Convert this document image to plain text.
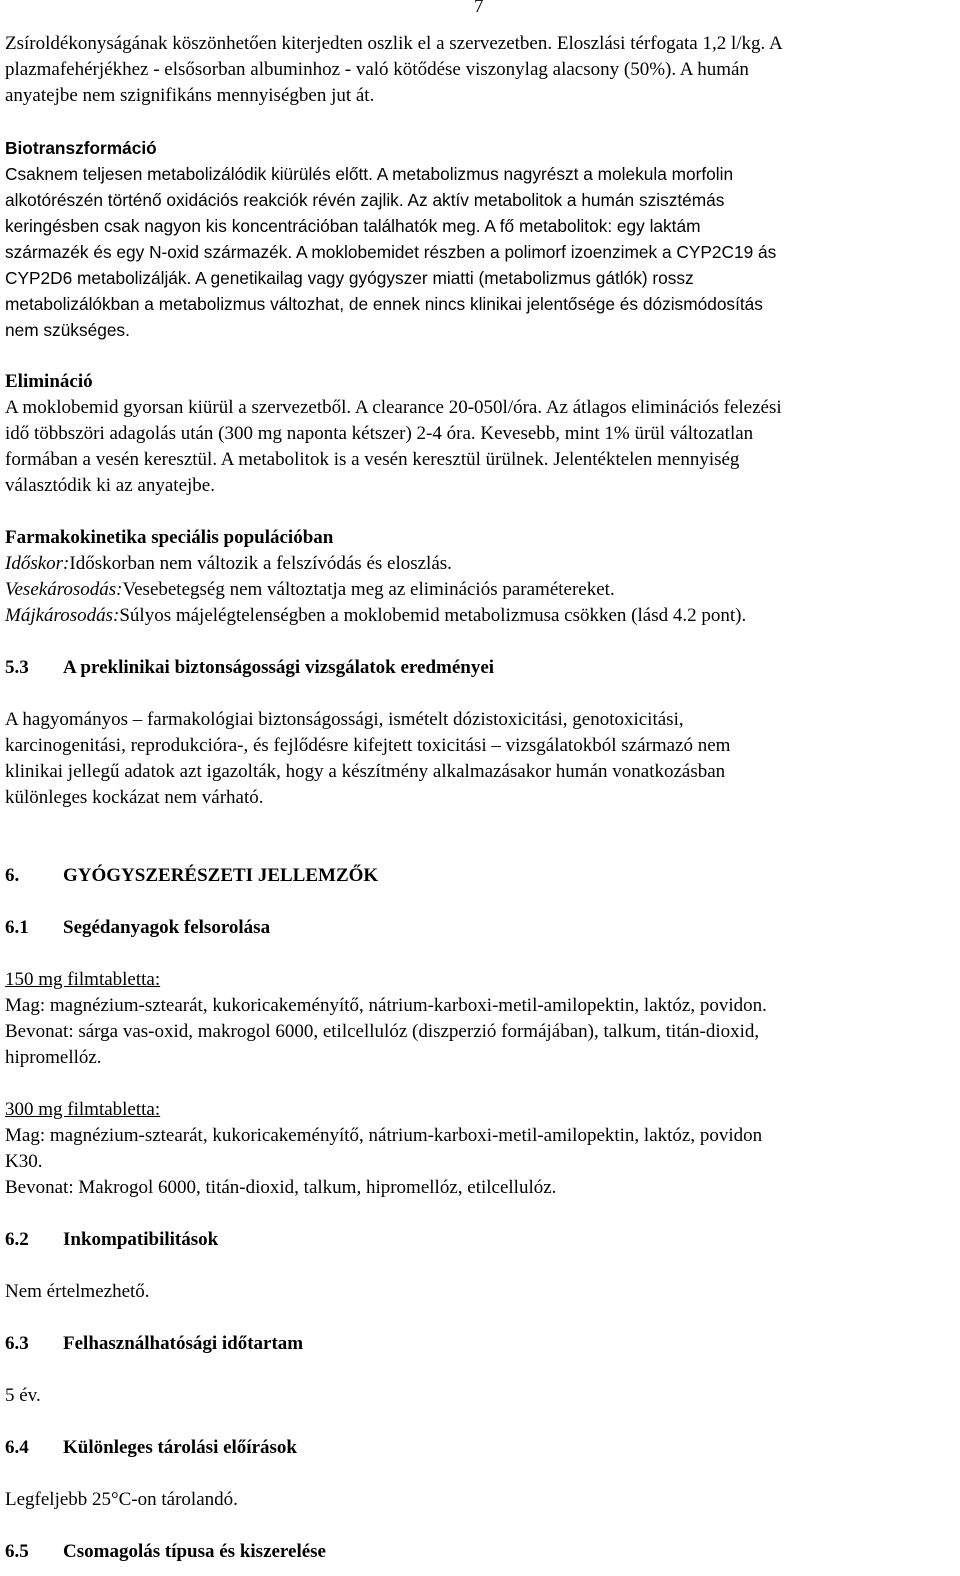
7

Zsíroldékonyságának köszönhetően kiterjedten oszlik el a szervezetben. Eloszlási térfogata 1,2 l/kg. A

plazmafehérjékhez - elsősorban albuminhoz - való kötődése viszonylag alacsony (50%). A humán

anyatejbe nem szignifikáns mennyiségben jut át.

Biotranszformáció

Csaknem teljesen metabolizálódik kiürülés előtt. A metabolizmus nagyrészt a molekula morfolin

alkotórészén történő oxidációs reakciók révén zajlik. Az aktív metabolitok a humán szisztémás

keringésben csak nagyon kis koncentrációban találhatók meg. A fő metabolitok: egy laktám

származék és egy N-oxid származék. A moklobemidet részben a polimorf izoenzimek a CYP2C19 ás

CYP2D6 metabolizálják. A genetikailag vagy gyógyszer miatti (metabolizmus gátlók) rossz

metabolizálókban a metabolizmus változhat, de ennek nincs klinikai jelentősége és dózismódosítás

nem szükséges.

Elimináció

A moklobemid gyorsan kiürül a szervezetből. A clearance 20-050l/óra. Az átlagos eliminációs felezési

idő többszöri adagolás után (300 mg naponta kétszer) 2-4 óra. Kevesebb, mint 1% ürül változatlan

formában a vesén keresztül. A metabolitok is a vesén keresztül ürülnek. Jelentéktelen mennyiség

választódik ki az anyatejbe.

Farmakokinetika speciális populációban

Időskor:Időskorban nem változik a felszívódás és eloszlás.

Vesekárosodás:Vesebetegség nem változtatja meg az eliminációs paramétereket.

Májkárosodás:Súlyos májelégtelenségben a moklobemid metabolizmusa csökken (lásd 4.2 pont).

5.3	A preklinikai biztonságossági vizsgálatok eredményei

A hagyományos – farmakológiai biztonságossági, ismételt dózistoxicitási, genotoxicitási,

karcinogenitási, reprodukcióra-, és fejlődésre kifejtett toxicitási – vizsgálatokból származó nem

klinikai jellegű adatok azt igazolták, hogy a készítmény alkalmazásakor humán vonatkozásban

különleges kockázat nem várható.

6.	GYÓGYSZERÉSZETI JELLEMZŐK

6.1	Segédanyagok felsorolása

150 mg filmtabletta:

Mag: magnézium-sztearát, kukoricakeményítő, nátrium-karboxi-metil-amilopektin, laktóz, povidon.

Bevonat: sárga vas-oxid, makrogol 6000, etilcellulóz (diszperzió formájában), talkum, titán-dioxid,

hipromellóz.

300 mg filmtabletta:

Mag: magnézium-sztearát, kukoricakeményítő, nátrium-karboxi-metil-amilopektin, laktóz, povidon

K30.

Bevonat: Makrogol 6000, titán-dioxid, talkum, hipromellóz, etilcellulóz.

6.2	Inkompatibilitások

Nem értelmezhető.

6.3	Felhasználhatósági időtartam

5 év.

6.4	Különleges tárolási előírások

Legfeljebb 25°C-on tárolandó.

6.5	Csomagolás típusa és kiszerelése
